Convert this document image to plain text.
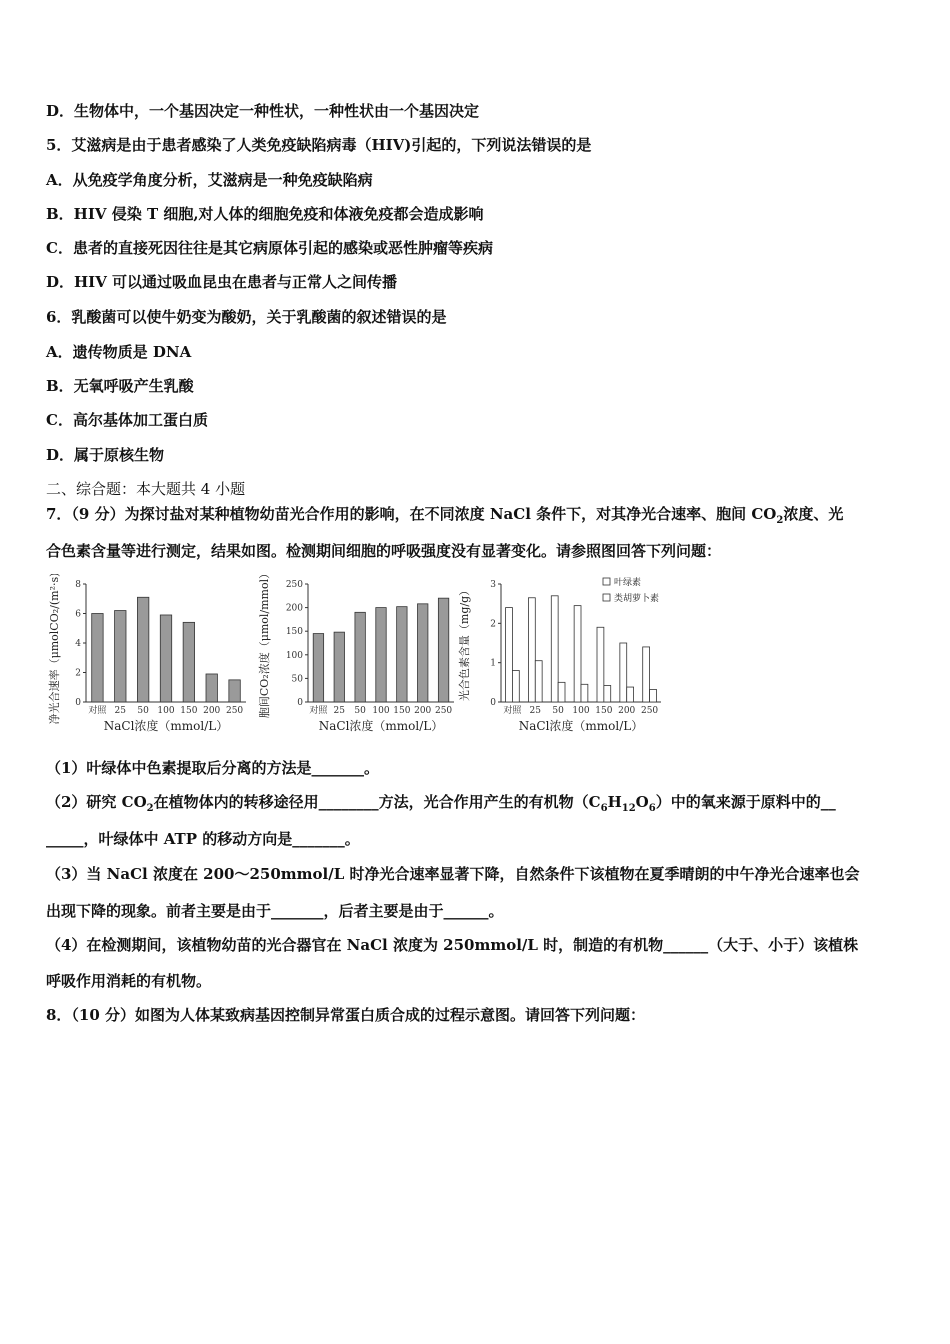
D．生物体中，一个基因决定一种性状，一种性状由一个基因决定
5．艾滋病是由于患者感染了人类免疫缺陷病毒（HIV)引起的，下列说法错误的是
A．从免疫学角度分析，艾滋病是一种免疫缺陷病
B．HIV 侵染 T 细胞,对人体的细胞免疫和体液免疫都会造成影响
C．患者的直接死因往往是其它病原体引起的感染或恶性肿瘤等疾病
D．HIV 可以通过吸血昆虫在患者与正常人之间传播
6．乳酸菌可以使牛奶变为酸奶，关于乳酸菌的叙述错误的是
A．遗传物质是 DNA
B．无氧呼吸产生乳酸
C．高尔基体加工蛋白质
D．属于原核生物
二、综合题：本大题共 4 小题
7．（9 分）为探讨盐对某种植物幼苗光合作用的影响，在不同浓度 NaCl 条件下，对其净光合速率、胞间 $CO_2$浓度、光
合色素含量等进行测定，结果如图。检测期间细胞的呼吸强度没有显著变化。请参照图回答下列问题：
0
2
4
6
8
对照 25 50 100 150 200 250
NaCl浓度（mmol/L）
净光合速率（μmolCO₂/(m²·s)）	0
50
100
150
200
250
对照 25 50 100 150 200 250
NaCl浓度（mmol/L）
胞间CO₂浓度（μmol/mmol）	0
1
2
3
对照 25 50 100 150 200 250
NaCl浓度（mmol/L）
光合色素含量（mg/g）
叶绿素
类胡萝卜素
（1）叶绿体中色素提取后分离的方法是_______。
（2）研究 $CO_2$在植物体内的转移途径用________方法，光合作用产生的有机物$(C_6H_{12}O_6)$中的氧来源于原料中的__
_____，叶绿体中 ATP 的移动方向是_______。
（3）当 NaCl 浓度在 200～250mmol/L 时净光合速率显著下降，自然条件下该植物在夏季晴朗的中午净光合速率也会
出现下降的现象。前者主要是由于_______，后者主要是由于______。
（4）在检测期间，该植物幼苗的光合器官在 NaCl 浓度为 250mmol/L 时，制造的有机物______（大于、小于）该植株
呼吸作用消耗的有机物。
8．（10 分）如图为人体某致病基因控制异常蛋白质合成的过程示意图。请回答下列问题：
